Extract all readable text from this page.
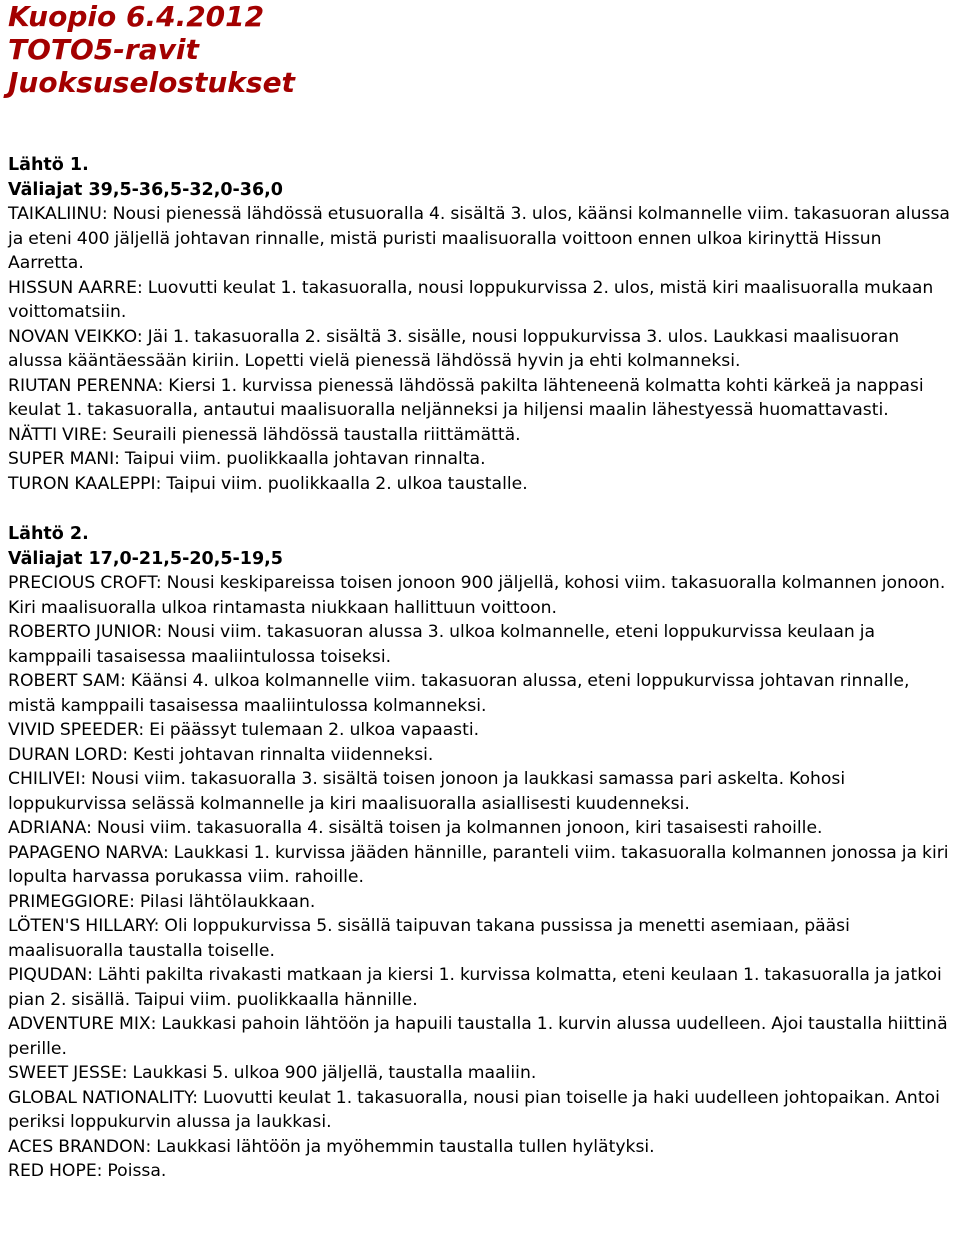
Kuopio 6.4.2012
TOTO5-ravit
Juoksuselostukset
Lähtö 1.
Väliajat 39,5-36,5-32,0-36,0
TAIKALIINU: Nousi pienessä lähdössä etusuoralla 4. sisältä 3. ulos, käänsi kolmannelle viim. takasuoran alussa ja eteni 400 jäljellä johtavan rinnalle, mistä puristi maalisuoralla voittoon ennen ulkoa kirinyttä Hissun Aarretta.
HISSUN AARRE: Luovutti keulat 1. takasuoralla, nousi loppukurvissa 2. ulos, mistä kiri maalisuoralla mukaan voittomatsiin.
NOVAN VEIKKO: Jäi 1. takasuoralla 2. sisältä 3. sisälle, nousi loppukurvissa 3. ulos. Laukkasi maalisuoran alussa kääntäessään kiriin. Lopetti vielä pienessä lähdössä hyvin ja ehti kolmanneksi.
RIUTAN PERENNA: Kiersi 1. kurvissa pienessä lähdössä pakilta lähteneenä kolmatta kohti kärkeä ja nappasi keulat 1. takasuoralla, antautui maalisuoralla neljänneksi ja hiljensi maalin lähestyessä huomattavasti.
NÄTTI VIRE: Seuraili pienessä lähdössä taustalla riittämättä.
SUPER MANI: Taipui viim. puolikkaalla johtavan rinnalta.
TURON KAALEPPI: Taipui viim. puolikkaalla 2. ulkoa taustalle.
Lähtö 2.
Väliajat 17,0-21,5-20,5-19,5
PRECIOUS CROFT: Nousi keskipareissa toisen jonoon 900 jäljellä, kohosi viim. takasuoralla kolmannen jonoon. Kiri maalisuoralla ulkoa rintamasta niukkaan hallittuun voittoon.
ROBERTO JUNIOR: Nousi viim. takasuoran alussa 3. ulkoa kolmannelle, eteni loppukurvissa keulaan ja kamppaili tasaisessa maaliintulossa toiseksi.
ROBERT SAM: Käänsi 4. ulkoa kolmannelle viim. takasuoran alussa, eteni loppukurvissa johtavan rinnalle, mistä kamppaili tasaisessa maaliintulossa kolmanneksi.
VIVID SPEEDER: Ei päässyt tulemaan 2. ulkoa vapaasti.
DURAN LORD: Kesti johtavan rinnalta viidenneksi.
CHILIVEI: Nousi viim. takasuoralla 3. sisältä toisen jonoon ja laukkasi samassa pari askelta. Kohosi loppukurvissa selässä kolmannelle ja kiri maalisuoralla asiallisesti kuudenneksi.
ADRIANA: Nousi viim. takasuoralla 4. sisältä toisen ja kolmannen jonoon, kiri tasaisesti rahoille.
PAPAGENO NARVA: Laukkasi 1. kurvissa jääden hännille, paranteli viim. takasuoralla kolmannen jonossa ja kiri lopulta harvassa porukassa viim. rahoille.
PRIMEGGIORE: Pilasi lähtölaukkaan.
LÖTEN'S HILLARY: Oli loppukurvissa 5. sisällä taipuvan takana pussissa ja menetti asemiaan, pääsi maalisuoralla taustalla toiselle.
PIQUDAN: Lähti pakilta rivakasti matkaan ja kiersi 1. kurvissa kolmatta, eteni keulaan 1. takasuoralla ja jatkoi pian 2. sisällä. Taipui viim. puolikkaalla hännille.
ADVENTURE MIX: Laukkasi pahoin lähtöön ja hapuili taustalla 1. kurvin alussa uudelleen. Ajoi taustalla hiittinä perille.
SWEET JESSE: Laukkasi 5. ulkoa 900 jäljellä, taustalla maaliin.
GLOBAL NATIONALITY: Luovutti keulat 1. takasuoralla, nousi pian toiselle ja haki uudelleen johtopaikan. Antoi periksi loppukurvin alussa ja laukkasi.
ACES BRANDON: Laukkasi lähtöön ja myöhemmin taustalla tullen hylätyksi.
RED HOPE: Poissa.
